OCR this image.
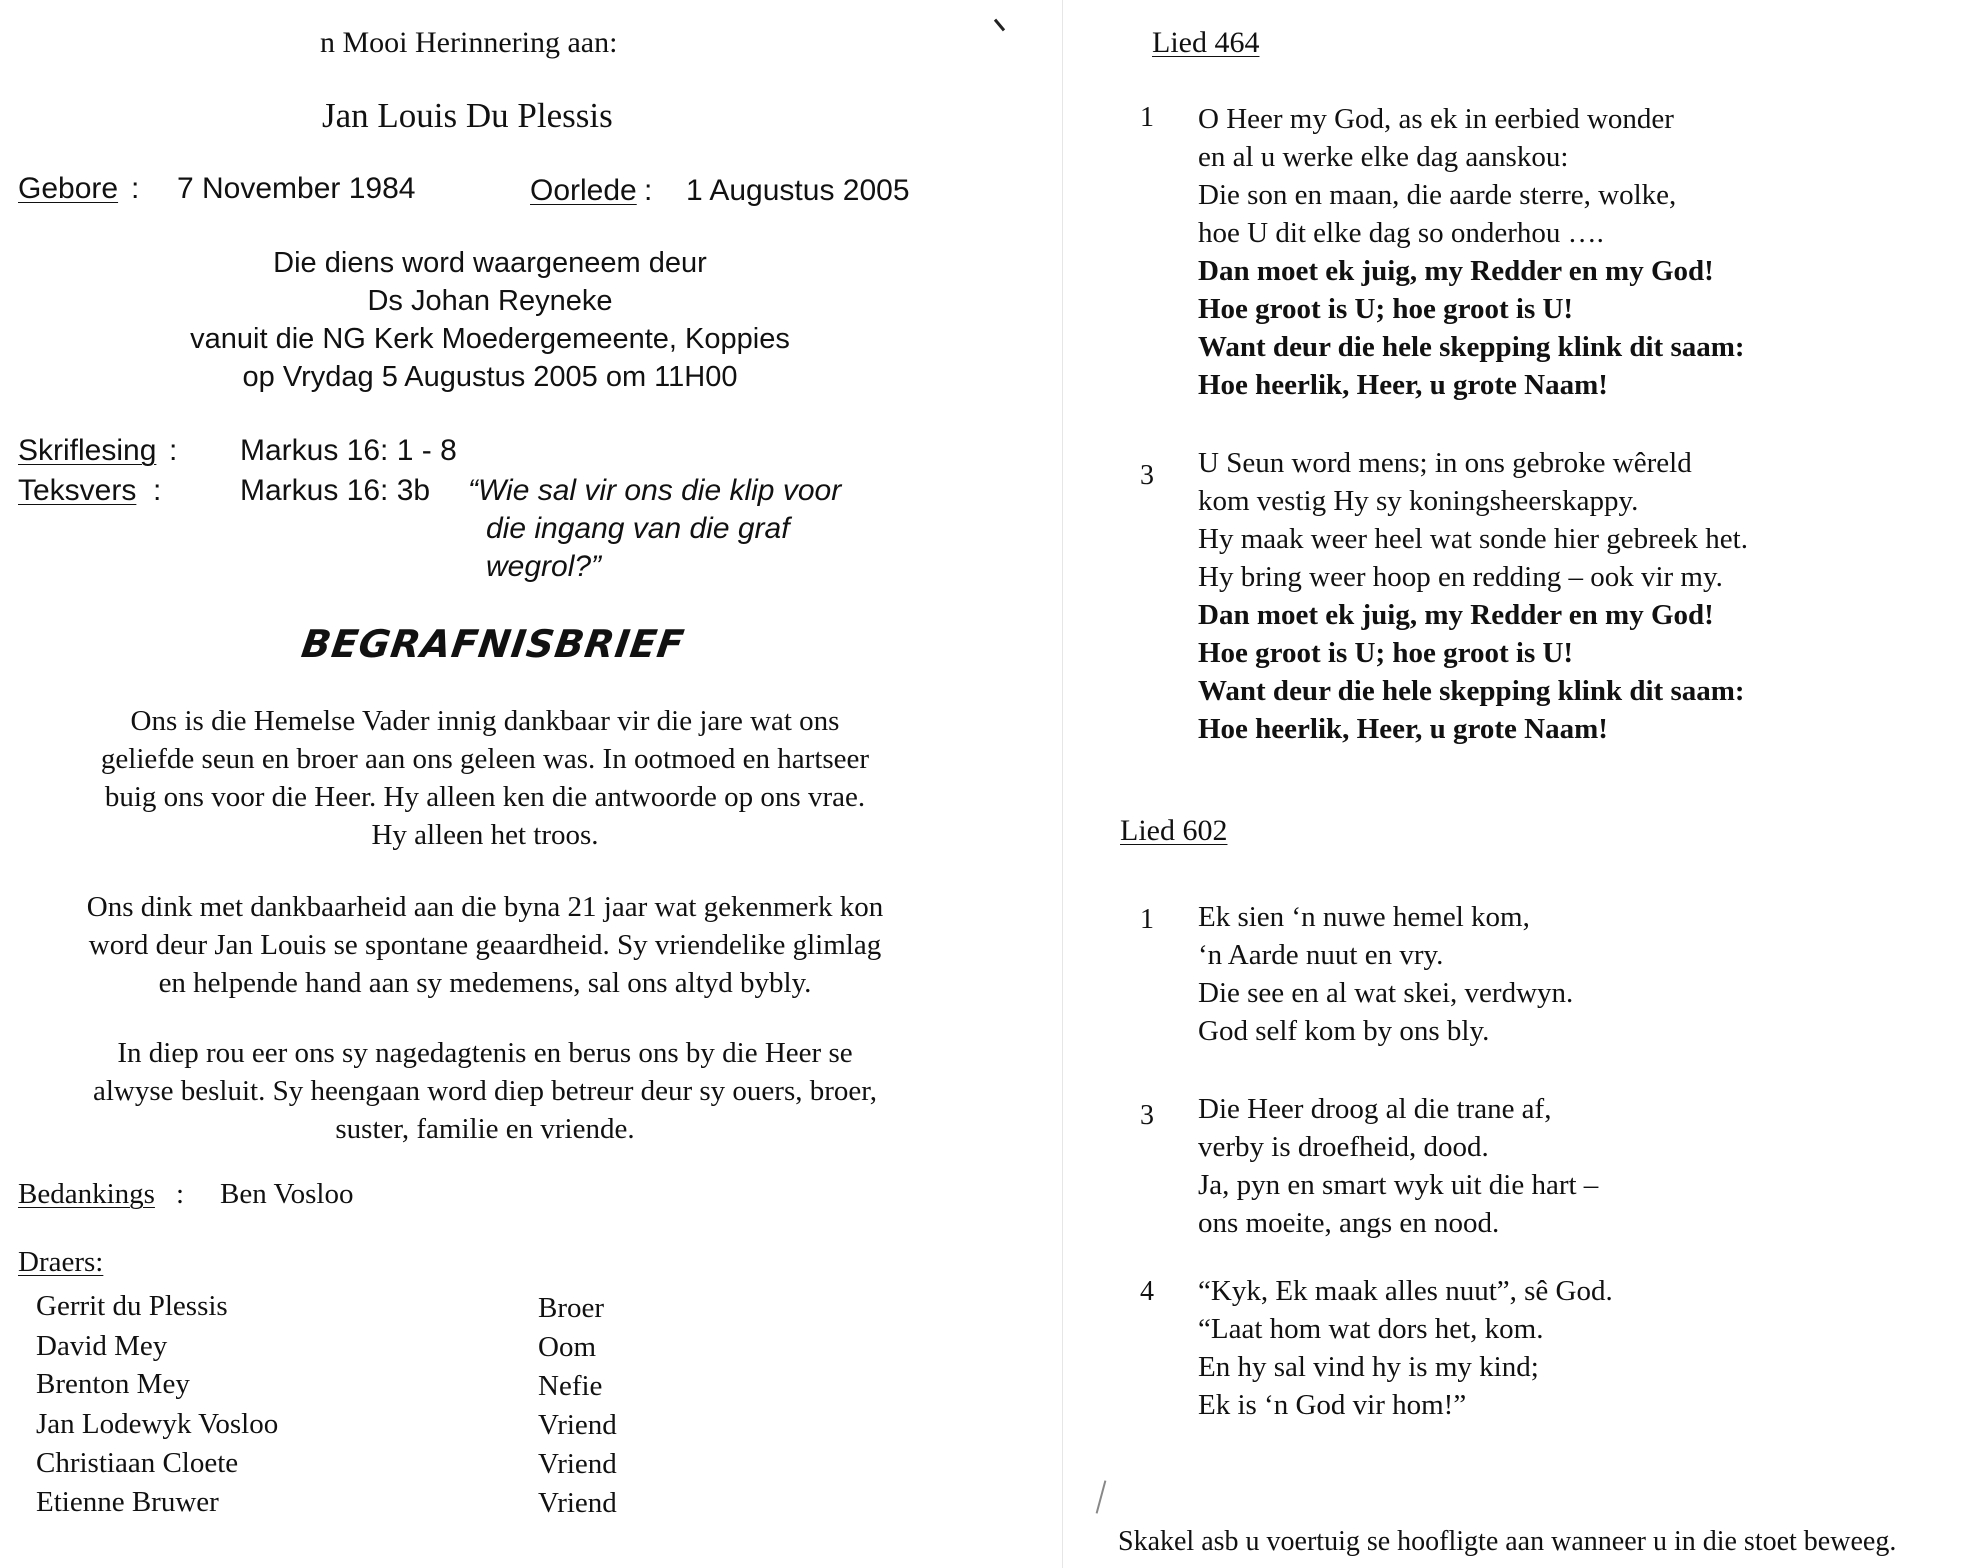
n Mooi Herinnering aan:
Jan Louis Du Plessis
Gebore : 7 November 1984	Oorlede : 1 Augustus 2005
Die diens word waargeneem deur
Ds Johan Reyneke
vanuit die NG Kerk Moedergemeente, Koppies
op Vrydag 5 Augustus 2005 om 11H00
Skriflesing : Markus 16: 1 - 8
Teksvers :	Markus 16: 3b “Wie sal vir ons die klip voor
die ingang van die graf
wegrol?”
BEGRAFNISBRIEF
Ons is die Hemelse Vader innig dankbaar vir die jare wat ons
geliefde seun en broer aan ons geleen was. In ootmoed en hartseer
buig ons voor die Heer. Hy alleen ken die antwoorde op ons vrae.
Hy alleen het troos.
Ons dink met dankbaarheid aan die byna 21 jaar wat gekenmerk kon
word deur Jan Louis se spontane geaardheid. Sy vriendelike glimlag
en helpende hand aan sy medemens, sal ons altyd bybly.
In diep rou eer ons sy nagedagtenis en berus ons by die Heer se
alwyse besluit. Sy heengaan word diep betreur deur sy ouers, broer,
suster, familie en vriende.
Bedankings : Ben Vosloo
Draers:
Gerrit du Plessis	Broer
David Mey	Oom
Brenton Mey	Nefie
Jan Lodewyk Vosloo	Vriend
Christiaan Cloete	Vriend
Etienne Bruwer	Vriend
Lied 464
1 O Heer my God, as ek in eerbied wonder
en al u werke elke dag aanskou:
Die son en maan, die aarde sterre, wolke,
hoe U dit elke dag so onderhou ….
Dan moet ek juig, my Redder en my God!
Hoe groot is U; hoe groot is U!
Want deur die hele skepping klink dit saam:
Hoe heerlik, Heer, u grote Naam!
3 U Seun word mens; in ons gebroke wêreld
kom vestig Hy sy koningsheerskappy.
Hy maak weer heel wat sonde hier gebreek het.
Hy bring weer hoop en redding – ook vir my.
Dan moet ek juig, my Redder en my God!
Hoe groot is U; hoe groot is U!
Want deur die hele skepping klink dit saam:
Hoe heerlik, Heer, u grote Naam!
Lied 602
1 Ek sien ‘n nuwe hemel kom,
‘n Aarde nuut en vry.
Die see en al wat skei, verdwyn.
God self kom by ons bly.
3 Die Heer droog al die trane af,
verby is droefheid, dood.
Ja, pyn en smart wyk uit die hart –
ons moeite, angs en nood.
4 “Kyk, Ek maak alles nuut”, sê God.
“Laat hom wat dors het, kom.
En hy sal vind hy is my kind;
Ek is ‘n God vir hom!”
Skakel asb u voertuig se hoofligte aan wanneer u in die stoet beweeg.
